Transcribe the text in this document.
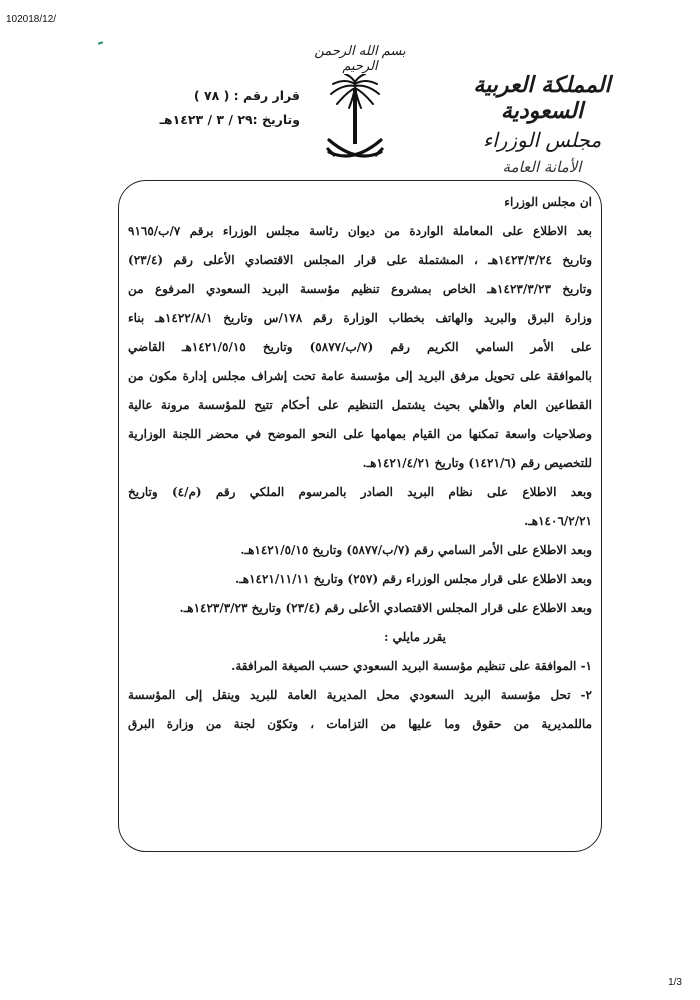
102018/12/
بسم الله الرحمن الرحيم
المملكة العربية السعودية
مجلس الوزراء
الأمانة العامة
قرار رقم : ( ٧٨ )
وتاريخ :٢٩ / ٣ / ١٤٢٣هـ

ان مجلس الوزراء

بعد الاطلاع على المعاملة الواردة من ديوان رئاسة مجلس الوزراء برقم ٧/ب/٩١٦٥

وتاريخ ١٤٢٣/٣/٢٤هـ ، المشتملة على قرار المجلس الاقتصادي الأعلى رقم (٢٣/٤)

وتاريخ ١٤٢٣/٣/٢٣هـ الخاص بمشروع تنظيم مؤسسة البريد السعودي المرفوع من

وزارة البرق والبريد والهاتف بخطاب الوزارة رقم ١٧٨/س وتاريخ ١٤٢٢/٨/١هـ بناء

على الأمر السامي الكريم رقم (٧/ب/٥٨٧٧) وتاريخ ١٤٢١/٥/١٥هـ القاضي

بالموافقة على تحويل مرفق البريد إلى مؤسسة عامة تحت إشراف مجلس إدارة مكون من

القطاعين العام والأهلي بحيث يشتمل التنظيم على أحكام تتيح للمؤسسة مرونة عالية

وصلاحيات واسعة تمكنها من القيام بمهامها على النحو الموضح في محضر اللجنة الوزارية

للتخصيص رقم (١٤٢١/٦) وتاريخ ١٤٢١/٤/٢١هـ.

وبعد الاطلاع على نظام البريد الصادر بالمرسوم الملكي رقم (م/٤) وتاريخ

١٤٠٦/٢/٢١هـ.

وبعد الاطلاع على الأمر السامي رقم (٧/ب/٥٨٧٧) وتاريخ ١٤٢١/٥/١٥هـ.

وبعد الاطلاع على قرار مجلس الوزراء رقم (٢٥٧) وتاريخ ١٤٢١/١١/١١هـ.

وبعد الاطلاع على قرار المجلس الاقتصادي الأعلى رقم (٢٣/٤) وتاريخ ١٤٢٣/٣/٢٣هـ.

يقرر مايلي :

١- الموافقة على تنظيم مؤسسة البريد السعودي حسب الصيغة المرافقة.

٢- تحل مؤسسة البريد السعودي محل المديرية العامة للبريد وينقل إلى المؤسسة

ماللمديرية من حقوق وما عليها من التزامات ، وتكوّن لجنة من وزارة البرق

1/3
